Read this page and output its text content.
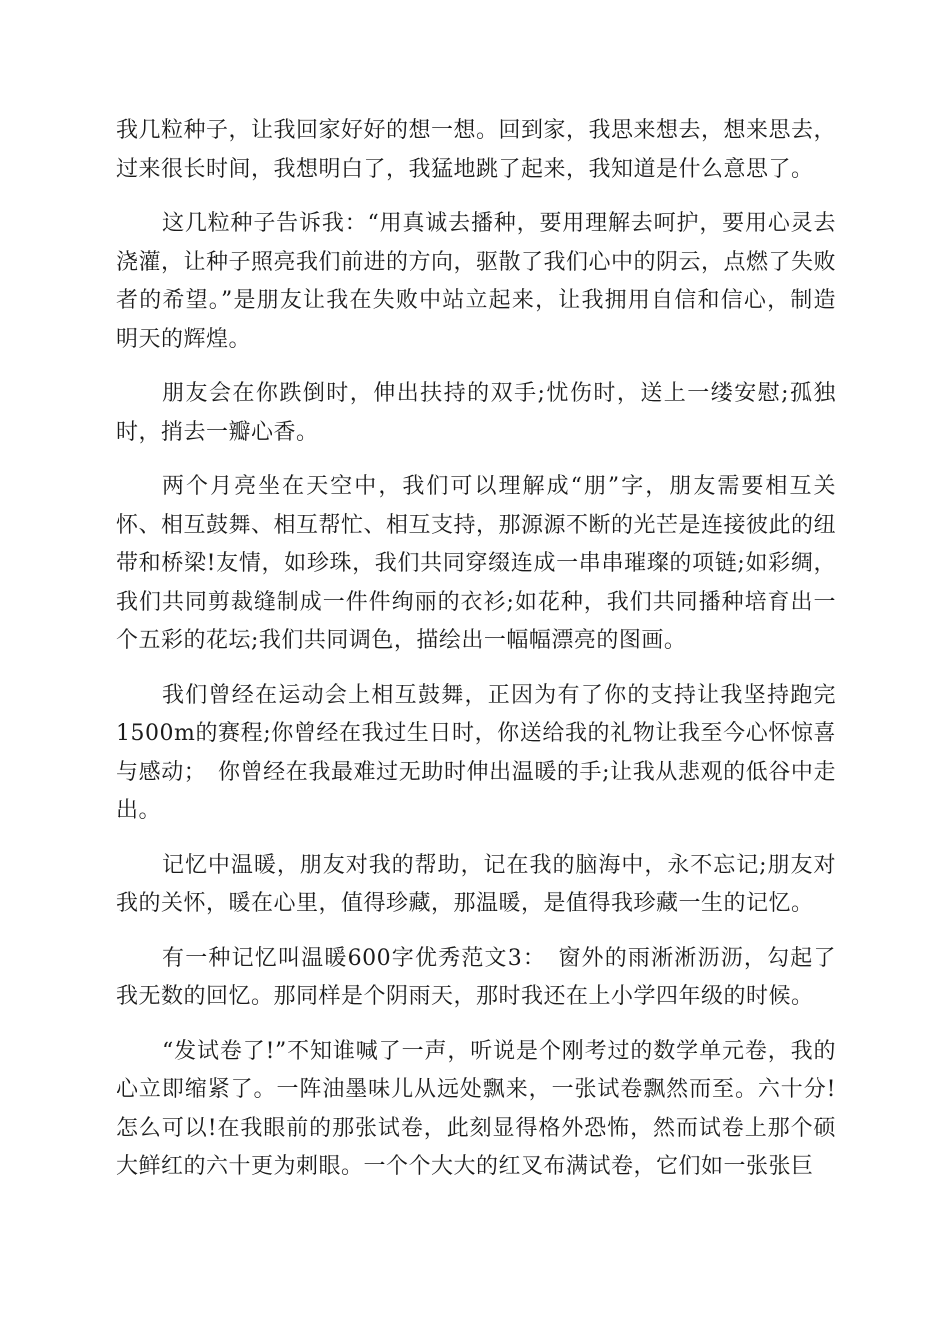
我几粒种子，让我回家好好的想一想。回到家，我思来想去，想来思去，过来很长时间，我想明白了，我猛地跳了起来，我知道是什么意思了。

这几粒种子告诉我：“用真诚去播种，要用理解去呵护，要用心灵去浇灌，让种子照亮我们前进的方向，驱散了我们心中的阴云，点燃了失败者的希望。”是朋友让我在失败中站立起来，让我拥用自信和信心，制造明天的辉煌。

朋友会在你跌倒时，伸出扶持的双手;忧伤时，送上一缕安慰;孤独时，捎去一瓣心香。

两个月亮坐在天空中，我们可以理解成“朋”字，朋友需要相互关怀、相互鼓舞、相互帮忙、相互支持，那源源不断的光芒是连接彼此的纽带和桥梁!友情，如珍珠，我们共同穿缀连成一串串璀璨的项链;如彩绸，我们共同剪裁缝制成一件件绚丽的衣衫;如花种，我们共同播种培育出一个五彩的花坛;我们共同调色，描绘出一幅幅漂亮的图画。

我们曾经在运动会上相互鼓舞，正因为有了你的支持让我坚持跑完1500m的赛程;你曾经在我过生日时，你送给我的礼物让我至今心怀惊喜与感动；　你曾经在我最难过无助时伸出温暖的手;让我从悲观的低谷中走出。

记忆中温暖，朋友对我的帮助，记在我的脑海中，永不忘记;朋友对我的关怀，暖在心里，值得珍藏，那温暖，是值得我珍藏一生的记忆。

有一种记忆叫温暖600字优秀范文3：　窗外的雨淅淅沥沥，勾起了我无数的回忆。那同样是个阴雨天，那时我还在上小学四年级的时候。

“发试卷了!”不知谁喊了一声，听说是个刚考过的数学单元卷，我的心立即缩紧了。一阵油墨味儿从远处飘来，一张试卷飘然而至。六十分!怎么可以!在我眼前的那张试卷，此刻显得格外恐怖，然而试卷上那个硕大鲜红的六十更为刺眼。一个个大大的红叉布满试卷，它们如一张张巨
